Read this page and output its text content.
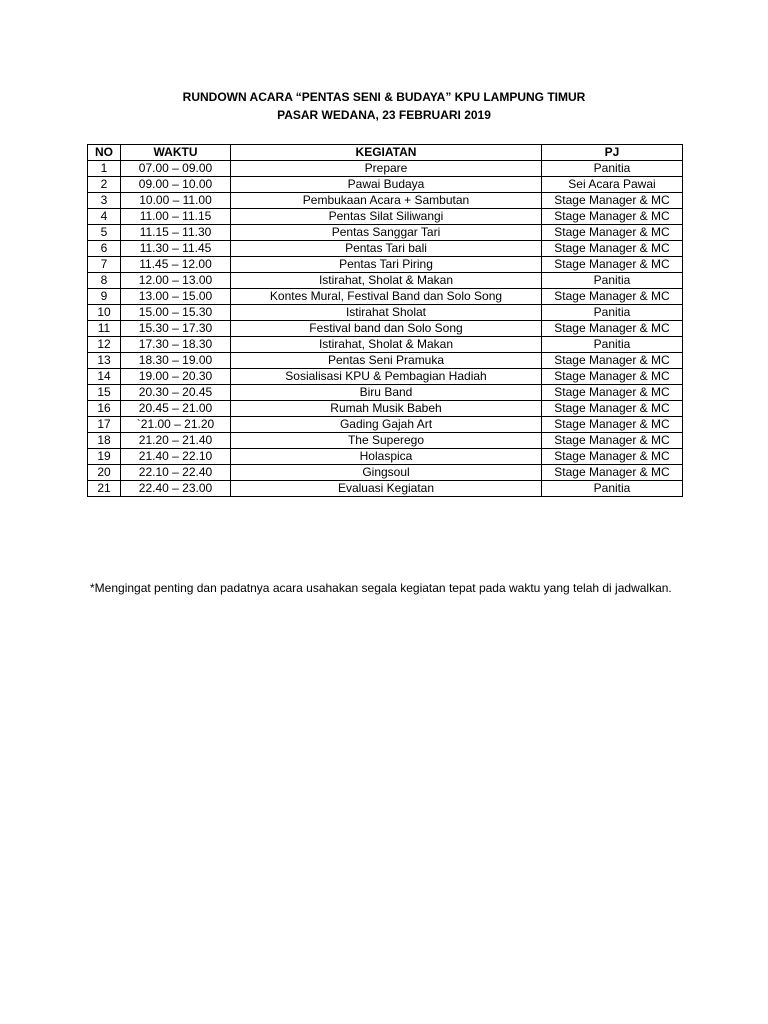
RUNDOWN ACARA “PENTAS SENI & BUDAYA” KPU LAMPUNG TIMUR
PASAR WEDANA, 23 FEBRUARI 2019
NO	WAKTU	KEGIATAN	PJ
1	07.00 – 09.00	Prepare	Panitia
2	09.00 – 10.00	Pawai Budaya	Sei Acara Pawai
3	10.00 – 11.00	Pembukaan Acara + Sambutan	Stage Manager & MC
4	11.00 – 11.15	Pentas Silat Siliwangi	Stage Manager & MC
5	11.15 – 11.30	Pentas Sanggar Tari	Stage Manager & MC
6	11.30 – 11.45	Pentas Tari bali	Stage Manager & MC
7	11.45 – 12.00	Pentas Tari Piring	Stage Manager & MC
8	12.00 – 13.00	Istirahat, Sholat & Makan	Panitia
9	13.00 – 15.00	Kontes Mural, Festival Band dan Solo Song	Stage Manager & MC
10	15.00 – 15.30	Istirahat Sholat	Panitia
11	15.30 – 17.30	Festival band dan Solo Song	Stage Manager & MC
12	17.30 – 18.30	Istirahat, Sholat & Makan	Panitia
13	18.30 – 19.00	Pentas Seni Pramuka	Stage Manager & MC
14	19.00 – 20.30	Sosialisasi KPU & Pembagian Hadiah	Stage Manager & MC
15	20.30 – 20.45	Biru Band	Stage Manager & MC
16	20.45 – 21.00	Rumah Musik Babeh	Stage Manager & MC
17	`21.00 – 21.20	Gading Gajah Art	Stage Manager & MC
18	21.20 – 21.40	The Superego	Stage Manager & MC
19	21.40 – 22.10	Holaspica	Stage Manager & MC
20	22.10 – 22.40	Gingsoul	Stage Manager & MC
21	22.40 – 23.00	Evaluasi Kegiatan	Panitia
*Mengingat penting dan padatnya acara usahakan segala kegiatan tepat pada waktu yang telah di jadwalkan.
